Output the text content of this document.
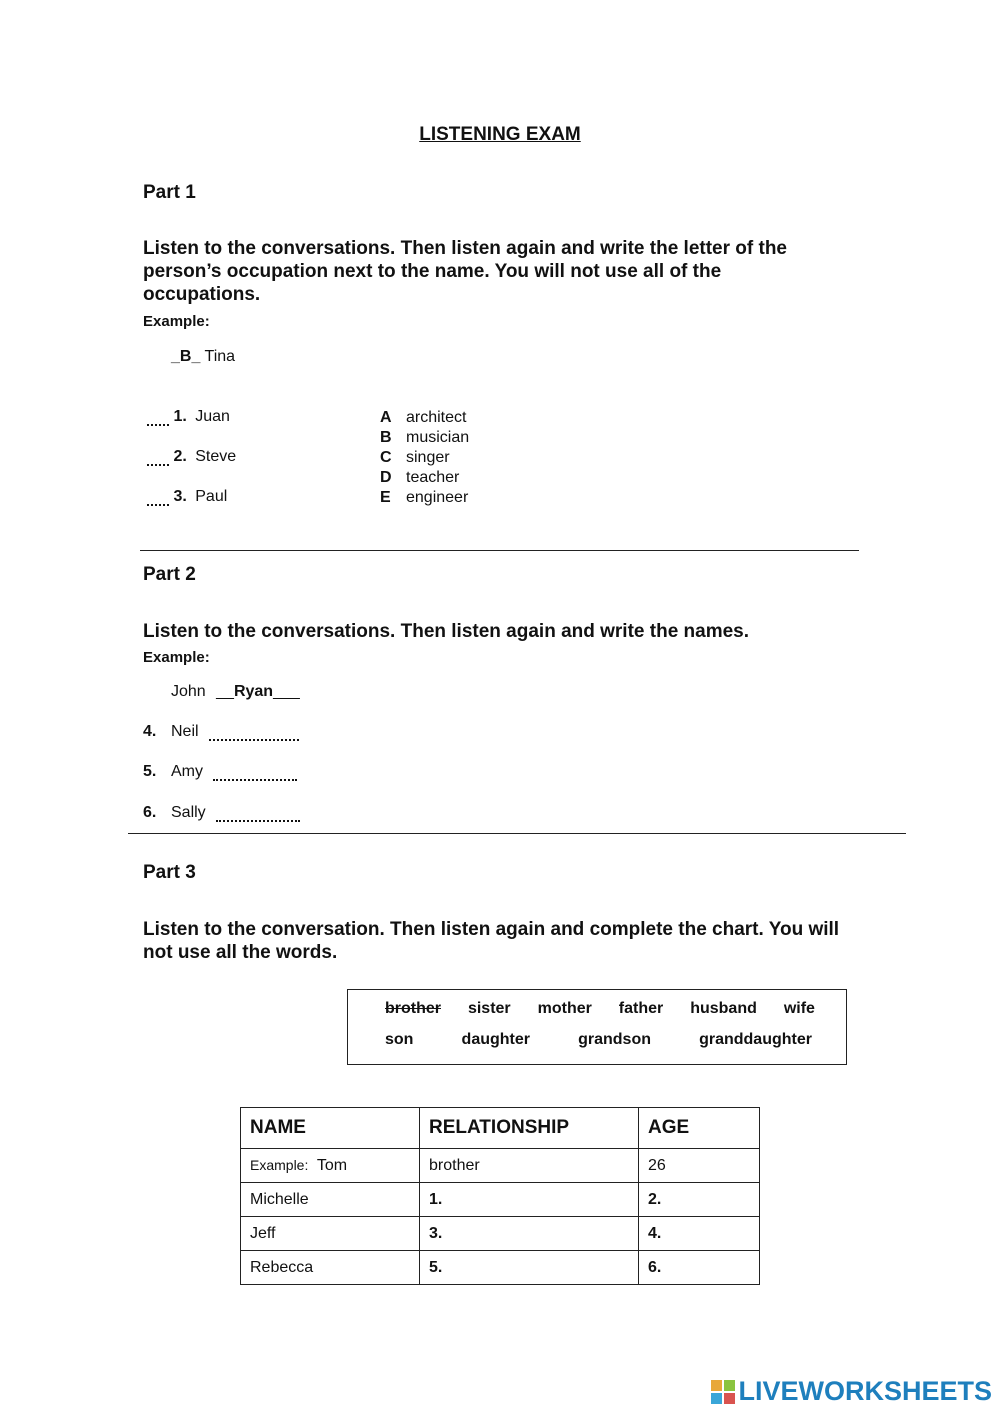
LISTENING EXAM
Part 1
Listen to the conversations. Then listen again and write the letter of the person’s occupation next to the name. You will not use all of the occupations.
Example:
_B_ Tina
1. Juan
2. Steve
3. Paul
A architect
B musician
C singer
D teacher
E engineer
Part 2
Listen to the conversations. Then listen again and write the names.
Example:
John __Ryan___
4. Neil
5. Amy
6. Sally
Part 3
Listen to the conversation. Then listen again and complete the chart. You will not use all the words.
brother sister mother father husband wife
son	daughter	grandson	granddaughter
NAME	RELATIONSHIP	AGE
Example: Tom	brother	26
Michelle	1.	2.
Jeff	3.	4.
Rebecca	5.	6.
LIVEWORKSHEETS
